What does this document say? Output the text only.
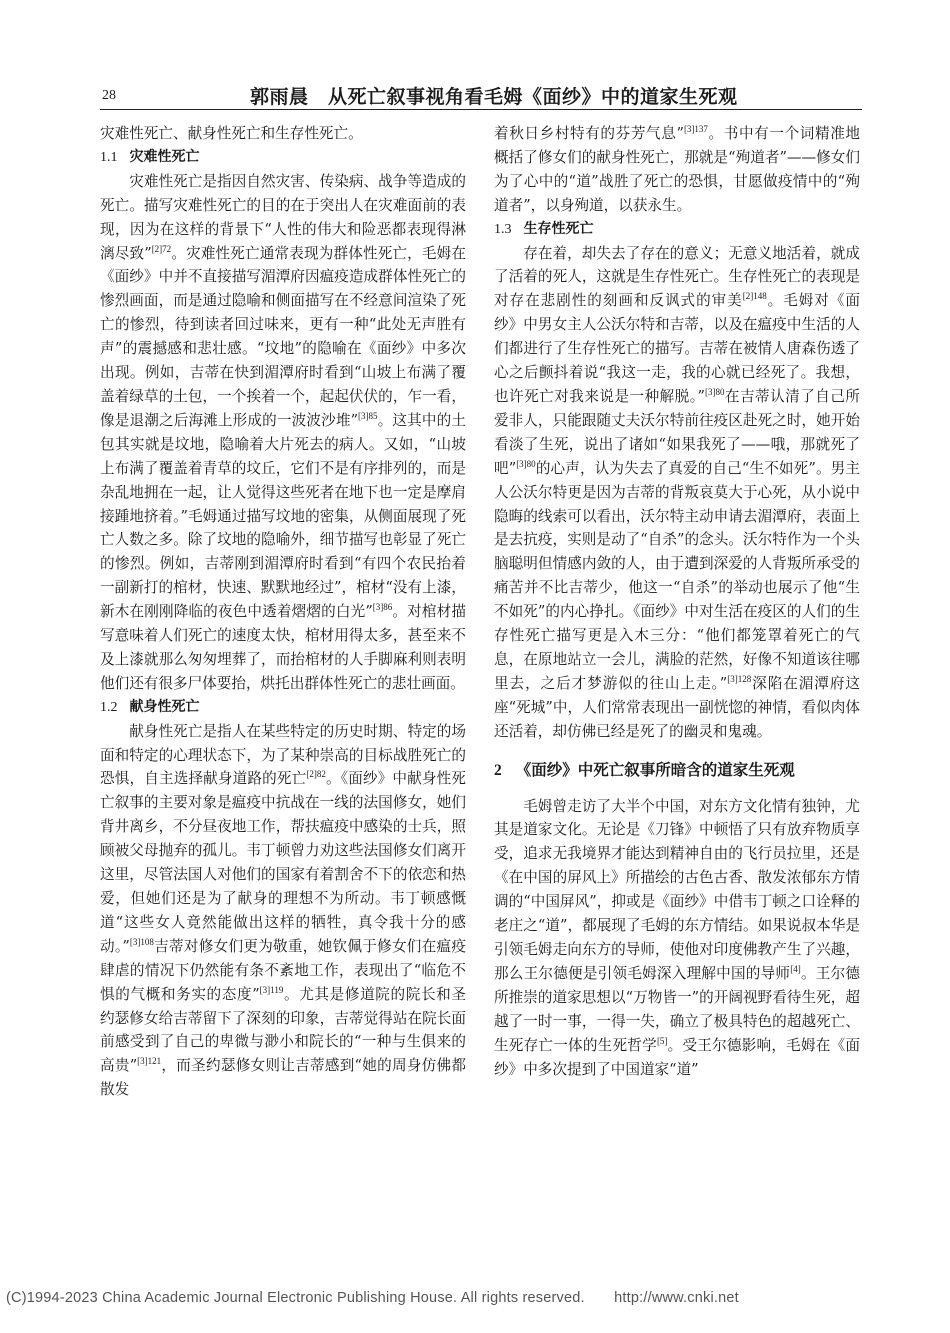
28	郭雨晨　从死亡叙事视角看毛姆《面纱》中的道家生死观

灾难性死亡、献身性死亡和生存性死亡。

1.1 灾难性死亡

灾难性死亡是指因自然灾害、传染病、战争等造成的死亡。描写灾难性死亡的目的在于突出人在灾难面前的表现，因为在这样的背景下“人性的伟大和险恶都表现得淋漓尽致”$^{[2]72}$。灾难性死亡通常表现为群体性死亡，毛姆在《面纱》中并不直接描写湄潭府因瘟疫造成群体性死亡的惨烈画面，而是通过隐喻和侧面描写在不经意间渲染了死亡的惨烈，待到读者回过味来，更有一种“此处无声胜有声”的震撼感和悲壮感。“坟地”的隐喻在《面纱》中多次出现。例如，吉蒂在快到湄潭府时看到“山坡上布满了覆盖着绿草的土包，一个挨着一个，起起伏伏的，乍一看，像是退潮之后海滩上形成的一波波沙堆”$^{[3]85}$。这其中的土包其实就是坟地，隐喻着大片死去的病人。又如，“山坡上布满了覆盖着青草的坟丘，它们不是有序排列的，而是杂乱地拥在一起，让人觉得这些死者在地下也一定是摩肩接踵地挤着。”毛姆通过描写坟地的密集，从侧面展现了死亡人数之多。除了坟地的隐喻外，细节描写也彰显了死亡的惨烈。例如，吉蒂刚到湄潭府时看到“有四个农民抬着一副新打的棺材，快速、默默地经过”，棺材“没有上漆，新木在刚刚降临的夜色中透着熠熠的白光”$^{[3]86}$。对棺材描写意味着人们死亡的速度太快，棺材用得太多，甚至来不及上漆就那么匆匆埋葬了，而抬棺材的人手脚麻利则表明他们还有很多尸体要抬，烘托出群体性死亡的悲壮画面。

1.2 献身性死亡

献身性死亡是指人在某些特定的历史时期、特定的场面和特定的心理状态下，为了某种崇高的目标战胜死亡的恐惧，自主选择献身道路的死亡$^{[2]82}$。《面纱》中献身性死亡叙事的主要对象是瘟疫中抗战在一线的法国修女，她们背井离乡，不分昼夜地工作，帮扶瘟疫中感染的士兵，照顾被父母抛弃的孤儿。韦丁顿曾力劝这些法国修女们离开这里，尽管法国人对他们的国家有着割舍不下的依恋和热爱，但她们还是为了献身的理想不为所动。韦丁顿感慨道“这些女人竟然能做出这样的牺牲，真令我十分的感动。”$^{[3]108}$吉蒂对修女们更为敬重，她钦佩于修女们在瘟疫肆虐的情况下仍然能有条不紊地工作，表现出了“临危不惧的气概和务实的态度”$^{[3]119}$。尤其是修道院的院长和圣约瑟修女给吉蒂留下了深刻的印象，吉蒂觉得站在院长面前感受到了自己的卑微与渺小和院长的“一种与生俱来的高贵”$^{[3]121}$，而圣约瑟修女则让吉蒂感到“她的周身仿佛都散发

着秋日乡村特有的芬芳气息”$^{[3]137}$。书中有一个词精准地概括了修女们的献身性死亡，那就是“殉道者”——修女们为了心中的“道”战胜了死亡的恐惧，甘愿做疫情中的“殉道者”，以身殉道，以获永生。

1.3 生存性死亡

存在着，却失去了存在的意义；无意义地活着，就成了活着的死人，这就是生存性死亡。生存性死亡的表现是对存在悲剧性的刻画和反讽式的审美$^{[2]148}$。毛姆对《面纱》中男女主人公沃尔特和吉蒂，以及在瘟疫中生活的人们都进行了生存性死亡的描写。吉蒂在被情人唐森伤透了心之后颤抖着说“我这一走，我的心就已经死了。我想，也许死亡对我来说是一种解脱。”$^{[3]80}$在吉蒂认清了自己所爱非人，只能跟随丈夫沃尔特前往疫区赴死之时，她开始看淡了生死，说出了诸如“如果我死了——哦，那就死了吧”$^{[3]80}$的心声，认为失去了真爱的自己“生不如死”。男主人公沃尔特更是因为吉蒂的背叛哀莫大于心死，从小说中隐晦的线索可以看出，沃尔特主动申请去湄潭府，表面上是去抗疫，实则是动了“自杀”的念头。沃尔特作为一个头脑聪明但情感内敛的人，由于遭到深爱的人背叛所承受的痛苦并不比吉蒂少，他这一“自杀”的举动也展示了他“生不如死”的内心挣扎。《面纱》中对生活在疫区的人们的生存性死亡描写更是入木三分：“他们都笼罩着死亡的气息，在原地站立一会儿，满脸的茫然，好像不知道该往哪里去，之后才梦游似的往山上走。”$^{[3]128}$深陷在湄潭府这座“死城”中，人们常常表现出一副恍惚的神情，看似肉体还活着，却仿佛已经是死了的幽灵和鬼魂。

2 《面纱》中死亡叙事所暗含的道家生死观

毛姆曾走访了大半个中国，对东方文化情有独钟，尤其是道家文化。无论是《刀锋》中顿悟了只有放弃物质享受，追求无我境界才能达到精神自由的飞行员拉里，还是《在中国的屏风上》所描绘的古色古香、散发浓郁东方情调的“中国屏风”，抑或是《面纱》中借韦丁顿之口诠释的老庄之“道”，都展现了毛姆的东方情结。如果说叔本华是引领毛姆走向东方的导师，使他对印度佛教产生了兴趣，那么王尔德便是引领毛姆深入理解中国的导师[4]。王尔德所推崇的道家思想以“万物皆一”的开阔视野看待生死，超越了一时一事，一得一失，确立了极具特色的超越死亡、生死存亡一体的生死哲学[5]。受王尔德影响，毛姆在《面纱》中多次提到了中国道家“道”

(C)1994-2023 China Academic Journal Electronic Publishing House. All rights reserved.　　http://www.cnki.net
